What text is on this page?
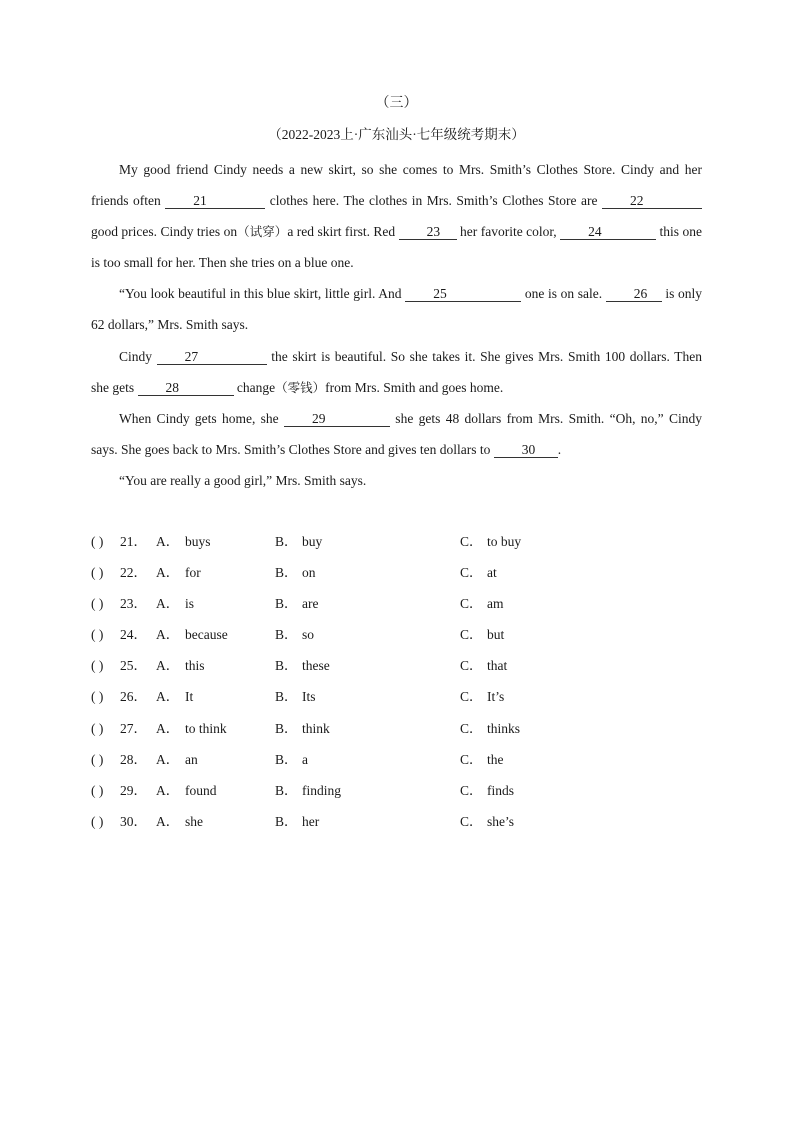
（三）
（2022-2023上·广东汕头·七年级统考期末）

My good friend Cindy needs a new skirt, so she comes to Mrs. Smith’s Clothes Store. Cindy and her friends often 21	clothes here. The clothes in Mrs. Smith’s Clothes Store are 22 good prices. Cindy tries on（试穿）a red skirt first. Red 23 her favorite color, 24	this one is too small for her. Then she tries on a blue one.

“You look beautiful in this blue skirt, little girl. And 25	one is on sale. 26 is only 62 dollars,” Mrs. Smith says.

Cindy 27	the skirt is beautiful. So she takes it. She gives Mrs. Smith 100 dollars. Then she gets 28	change（零钱）from Mrs. Smith and goes home.

When Cindy gets home, she 29	she gets 48 dollars from Mrs. Smith. “Oh, no,” Cindy says. She goes back to Mrs. Smith’s Clothes Store and gives ten dollars to 30 .

“You are really a good girl,” Mrs. Smith says.

( ) 21． A． buys	B． buy	C． to buy
( ) 22． A． for	B． on	C． at
( ) 23． A． is	B． are	C． am
( ) 24． A． because	B． so	C． but
( ) 25． A． this	B． these	C． that
( ) 26． A． It	B． Its	C． It’s
( ) 27． A． to think	B． think	C． thinks
( ) 28． A． an	B． a	C． the
( ) 29． A． found	B． finding	C． finds
( ) 30． A． she	B． her	C． she’s
